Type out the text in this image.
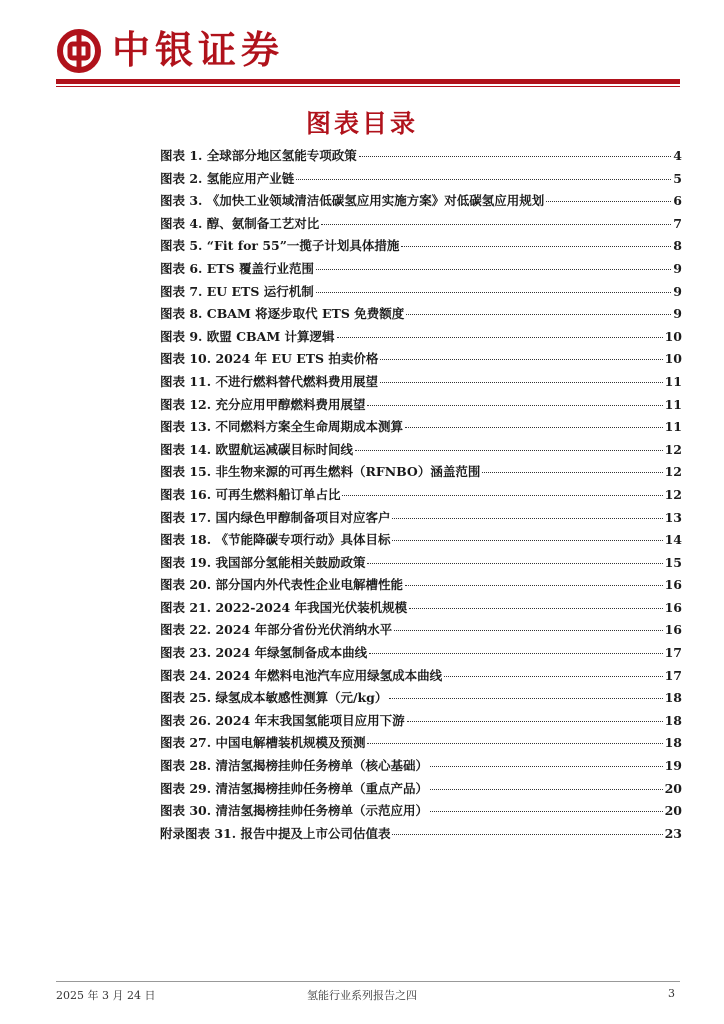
中银证券
图表目录
图表 1. 全球部分地区氢能专项政策	4
图表 2. 氢能应用产业链	5
图表 3. 《加快工业领域清洁低碳氢应用实施方案》对低碳氢应用规划	6
图表 4. 醇、氨制备工艺对比	7
图表 5. “Fit for 55”一揽子计划具体措施	8
图表 6. ETS 覆盖行业范围	9
图表 7. EU ETS 运行机制	9
图表 8. CBAM 将逐步取代 ETS 免费额度	9
图表 9. 欧盟 CBAM 计算逻辑	10
图表 10. 2024 年 EU ETS 拍卖价格	10
图表 11. 不进行燃料替代燃料费用展望	11
图表 12. 充分应用甲醇燃料费用展望	11
图表 13. 不同燃料方案全生命周期成本测算	11
图表 14. 欧盟航运减碳目标时间线	12
图表 15. 非生物来源的可再生燃料（RFNBO）涵盖范围	12
图表 16. 可再生燃料船订单占比	12
图表 17. 国内绿色甲醇制备项目对应客户	13
图表 18. 《节能降碳专项行动》具体目标	14
图表 19. 我国部分氢能相关鼓励政策	15
图表 20. 部分国内外代表性企业电解槽性能	16
图表 21. 2022-2024 年我国光伏装机规模	16
图表 22. 2024 年部分省份光伏消纳水平	16
图表 23. 2024 年绿氢制备成本曲线	17
图表 24. 2024 年燃料电池汽车应用绿氢成本曲线	17
图表 25. 绿氢成本敏感性测算（元/kg）	18
图表 26. 2024 年末我国氢能项目应用下游	18
图表 27. 中国电解槽装机规模及预测	18
图表 28. 清洁氢揭榜挂帅任务榜单（核心基础）	19
图表 29. 清洁氢揭榜挂帅任务榜单（重点产品）	20
图表 30. 清洁氢揭榜挂帅任务榜单（示范应用）	20
附录图表 31. 报告中提及上市公司估值表	23
2025 年 3 月 24 日	氢能行业系列报告之四	3
